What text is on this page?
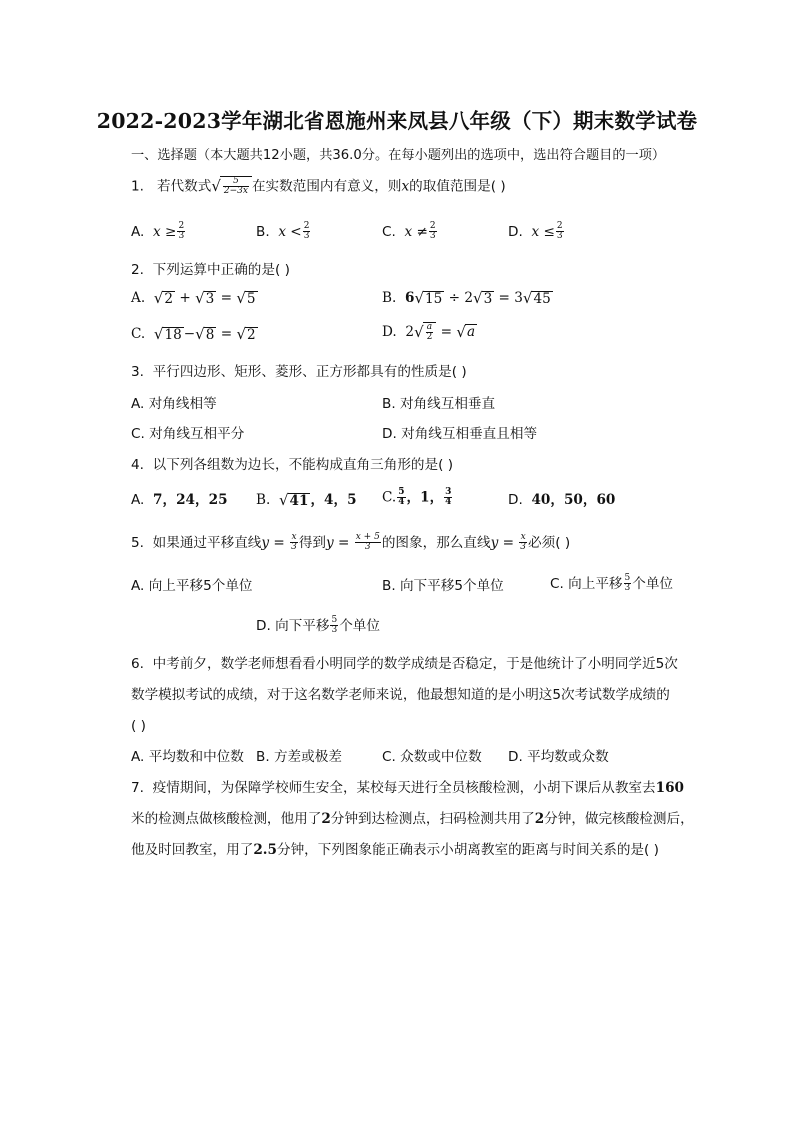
2022-2023学年湖北省恩施州来凤县八年级（下）期末数学试卷
一、选择题（本大题共12小题，共36.0分。在每小题列出的选项中，选出符合题目的一项）
1. 若代数式√ $\frac{5}{2-3x}$ 在实数范围内有意义，则x的取值范围是( )
A. $x \ge \frac{2}{3}$	B. $x < \frac{2}{3}$	C. $x \ne \frac{2}{3}$	D. $x \le \frac{2}{3}$
2. 下列运算中正确的是( )
A. √2 + √3 = √5	B. 6√15 ÷ 2√3 = 3√45
C. √18 −√8 = √2	D. $2√ \frac{a}{2} = √a$
3. 平行四边形、矩形、菱形、正方形都具有的性质是( )
A. 对角线相等	B. 对角线互相垂直
C. 对角线互相平分	D. 对角线互相垂直且相等
4. 以下列各组数为边长，不能构成直角三角形的是( )
A. 7，24，25 B. √41 ，4，5 C. $\frac{5}{4}$ ，1， $\frac{3}{4}$	D. 40，50，60
5. 如果通过平移直线$y = \frac{x}{3}$ 得到$y = \frac{x + 5}{3}$ 的图象，那么直线$y = \frac{x}{3}$ 必须( )
A. 向上平移5个单位	B. 向下平移5个单位	C. 向上平移 $\frac{5}{3}$ 个单位
D. 向下平移 $\frac{5}{3}$ 个单位
6. 中考前夕，数学老师想看看小明同学的数学成绩是否稳定，于是他统计了小明同学近5次
数学模拟考试的成绩，对于这名数学老师来说，他最想知道的是小明这5次考试数学成绩的
( )
A. 平均数和中位数 B. 方差或极差	C. 众数或中位数 D. 平均数或众数
7. 疫情期间，为保障学校师生安全，某校每天进行全员核酸检测，小胡下课后从教室去160
米的检测点做核酸检测，他用了2分钟到达检测点，扫码检测共用了2分钟，做完核酸检测后，
他及时回教室，用了2.5分钟，下列图象能正确表示小胡离教室的距离与时间关系的是( )
